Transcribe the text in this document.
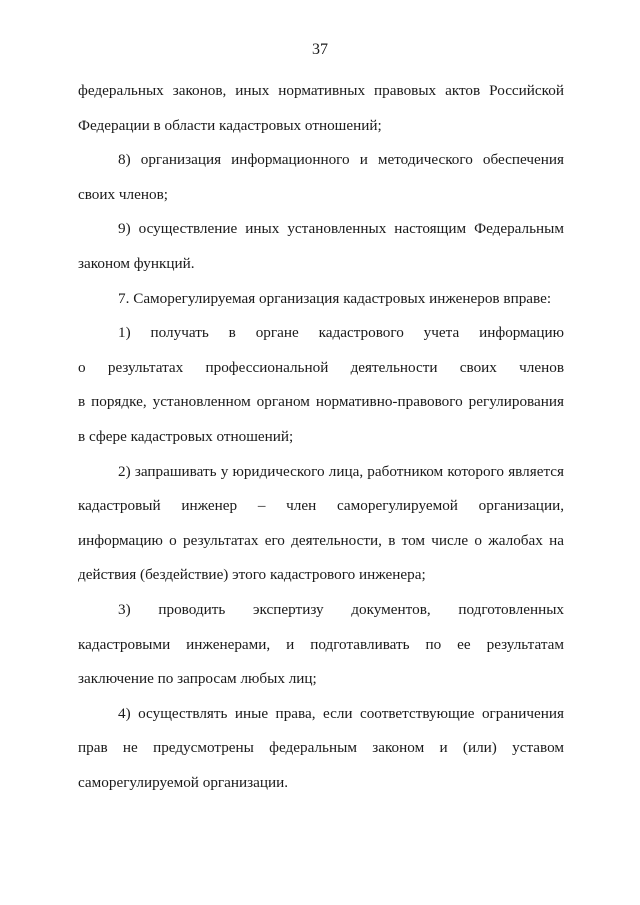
37
федеральных законов, иных нормативных правовых актов Российской
Федерации в области кадастровых отношений;
8) организация информационного и методического обеспечения
своих членов;
9) осуществление иных установленных настоящим Федеральным
законом функций.
7. Саморегулируемая организация кадастровых инженеров вправе:
1) получать в органе кадастрового учета информацию
о результатах профессиональной деятельности своих членов
в порядке, установленном органом нормативно-правового регулирования
в сфере кадастровых отношений;
2) запрашивать у юридического лица, работником которого является
кадастровый инженер – член саморегулируемой организации,
информацию о результатах его деятельности, в том числе о жалобах на
действия (бездействие) этого кадастрового инженера;
3) проводить экспертизу документов, подготовленных
кадастровыми инженерами, и подготавливать по ее результатам
заключение по запросам любых лиц;
4) осуществлять иные права, если соответствующие ограничения
прав не предусмотрены федеральным законом и (или) уставом
саморегулируемой организации.
